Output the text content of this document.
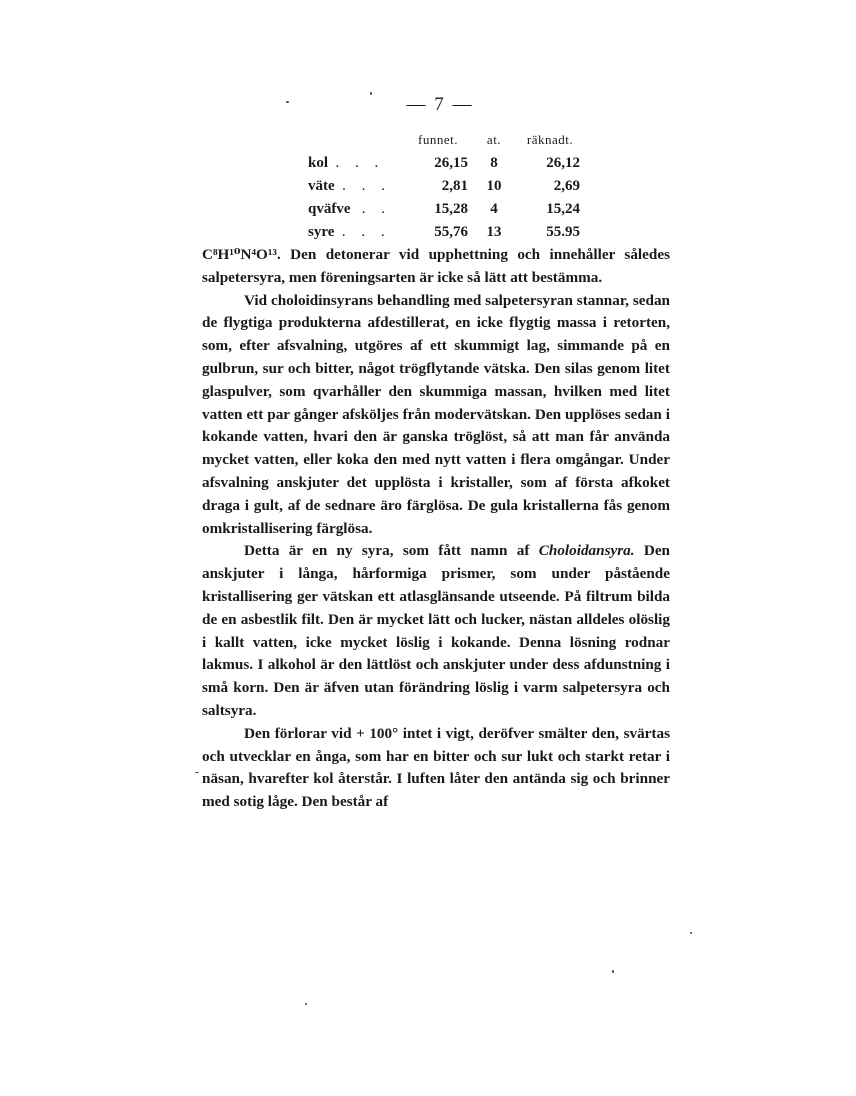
— 7 —
	funnet.	at.	räknadt.
kol . . .	26,15	8	26,12
väte . . .	2,81	10	2,69
qväfve . .	15,28	4	15,24
syre . . .	55,76	13	55.95

C⁸H¹⁰N⁴O¹³. Den detonerar vid upphettning och innehåller således salpetersyra, men föreningsarten är icke så lätt att bestämma.

Vid choloidinsyrans behandling med salpetersyran stannar, sedan de flygtiga produkterna afdestillerat, en icke flygtig massa i retorten, som, efter afsvalning, utgöres af ett skummigt lag, simmande på en gulbrun, sur och bitter, något trögflytande vätska. Den silas genom litet glaspulver, som qvarhåller den skummiga massan, hvilken med litet vatten ett par gånger afsköljes från modervätskan. Den upplöses sedan i kokande vatten, hvari den är ganska tröglöst, så att man får använda mycket vatten, eller koka den med nytt vatten i flera omgångar. Under afsvalning anskjuter det upplösta i kristaller, som af första afkoket draga i gult, af de sednare äro färglösa. De gula kristallerna fås genom omkristallisering färglösa.

Detta är en ny syra, som fått namn af Choloidansyra. Den anskjuter i långa, hårformiga prismer, som under påstående kristallisering ger vätskan ett atlasglänsande utseende. På filtrum bilda de en asbestlik filt. Den är mycket lätt och lucker, nästan alldeles olöslig i kallt vatten, icke mycket löslig i kokande. Denna lösning rodnar lakmus. I alkohol är den lättlöst och anskjuter under dess afdunstning i små korn. Den är äfven utan förändring löslig i varm salpetersyra och saltsyra.

Den förlorar vid + 100° intet i vigt, deröfver smälter den, svärtas och utvecklar en ånga, som har en bitter och sur lukt och starkt retar i näsan, hvarefter kol återstår. I luften låter den antända sig och brinner med sotig låge. Den består af
